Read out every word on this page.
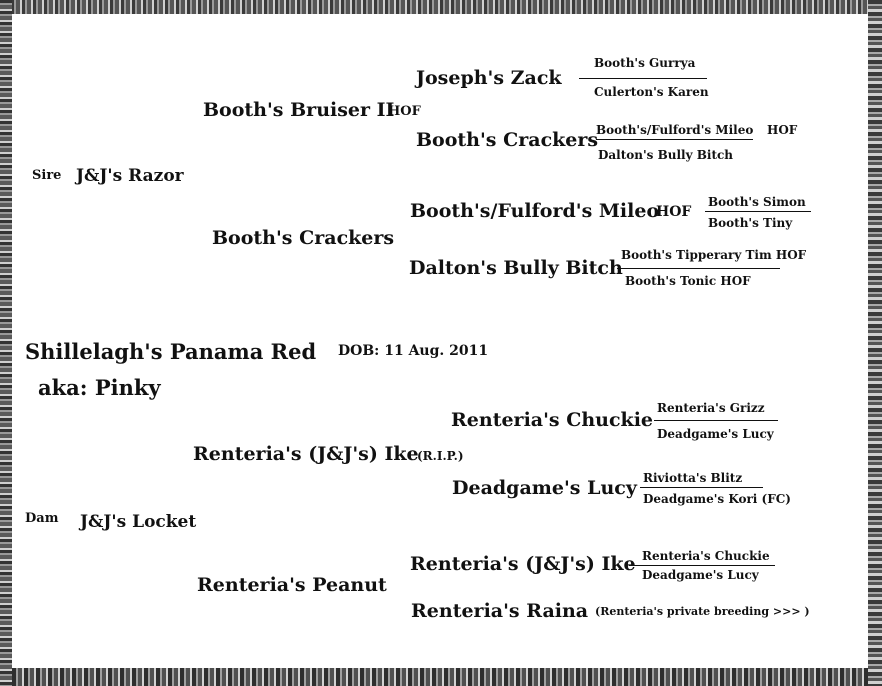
Joseph's Zack
Booth's Gurrya
Culerton's Karen
Booth's Bruiser II
HOF
Booth's Crackers
Booth's/Fulford's Mileo HOF
Dalton's Bully Bitch
Sire J&J's Razor
Booth's/Fulford's Mileo
HOF
Booth's Simon
Booth's Tiny
Booth's Crackers
Dalton's Bully Bitch
Booth's Tipperary Tim HOF
Booth's Tonic HOF
Shillelagh's Panama Red DOB: 11 Aug. 2011
aka: Pinky
Renteria's Chuckie
Renteria's Grizz
Deadgame's Lucy
Renteria's (J&J's) Ike
(R.I.P.)
Deadgame's Lucy Riviotta's Blitz
Deadgame's Kori (FC)
Dam J&J's Locket
Renteria's (J&J's) Ike Renteria's Chuckie
Deadgame's Lucy
Renteria's Peanut
Renteria's Raina (Renteria's private breeding >>> )
